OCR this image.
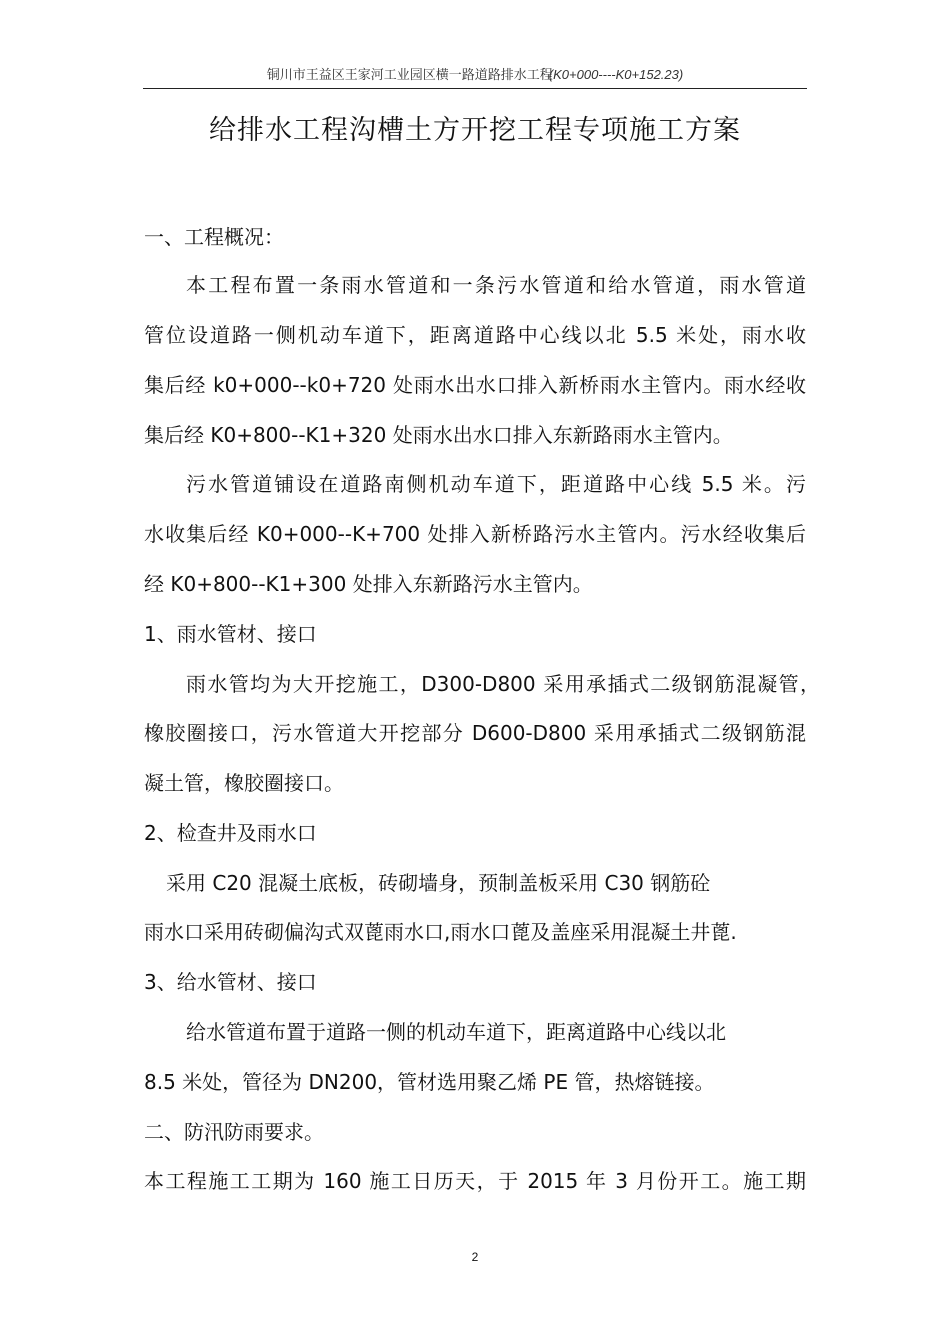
铜川市王益区王家河工业园区横一路道路排水工程(K0+000----K0+152.23)
给排水工程沟槽土方开挖工程专项施工方案
一、工程概况：
本工程布置一条雨水管道和一条污水管道和给水管道，雨水管道
管位设道路一侧机动车道下，距离道路中心线以北 5.5 米处，雨水收
集后经 k0+000--k0+720 处雨水出水口排入新桥雨水主管内。雨水经收
集后经 K0+800--K1+320 处雨水出水口排入东新路雨水主管内。
污水管道铺设在道路南侧机动车道下，距道路中心线 5.5 米。污
水收集后经 K0+000--K+700 处排入新桥路污水主管内。污水经收集后
经 K0+800--K1+300 处排入东新路污水主管内。
1、雨水管材、接口
雨水管均为大开挖施工，D300-D800 采用承插式二级钢筋混凝管，
橡胶圈接口，污水管道大开挖部分 D600-D800 采用承插式二级钢筋混
凝土管，橡胶圈接口。
2、检查井及雨水口
采用 C20 混凝土底板，砖砌墙身，预制盖板采用 C30 钢筋砼
雨水口采用砖砌偏沟式双蓖雨水口,雨水口蓖及盖座采用混凝土井蓖.
3、给水管材、接口
给水管道布置于道路一侧的机动车道下，距离道路中心线以北
8.5 米处，管径为 DN200，管材选用聚乙烯 PE 管，热熔链接。
二、防汛防雨要求。
本工程施工工期为 160 施工日历天，于 2015 年 3 月份开工。施工期
2
